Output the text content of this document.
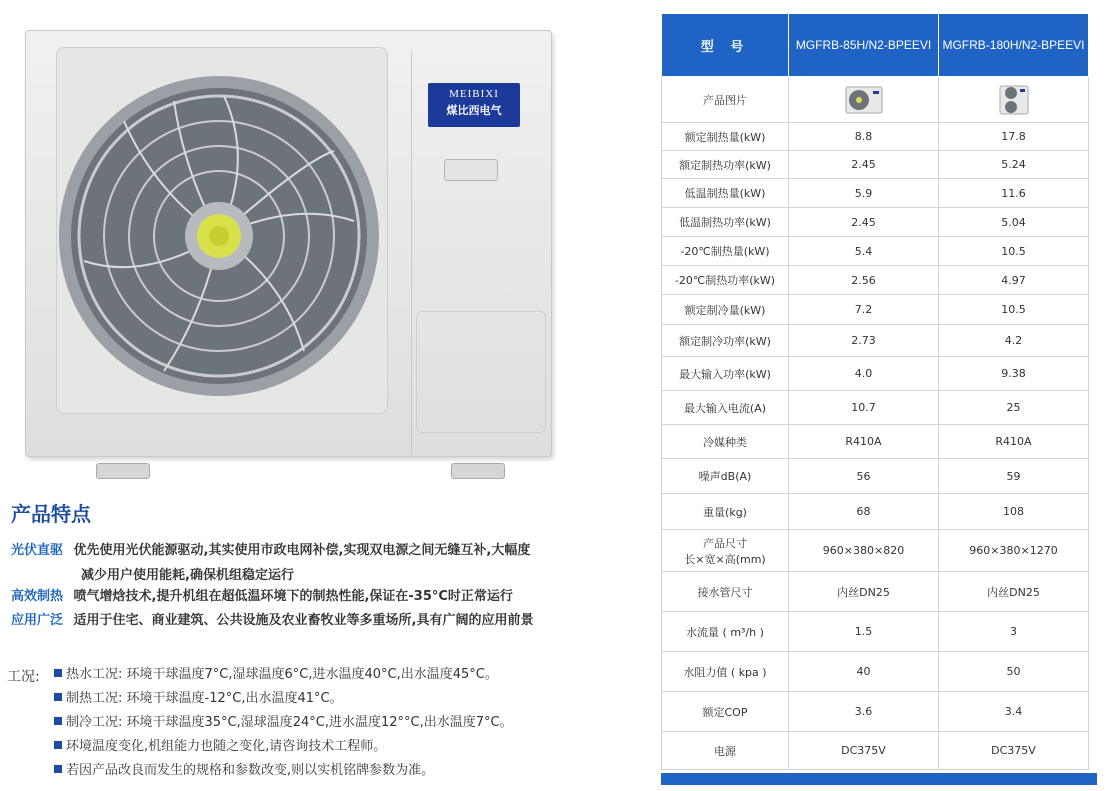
MEIBIXI
煤比西电气
产品特点
光伏直驱 优先使用光伏能源驱动,其实使用市政电网补偿,实现双电源之间无缝互补,大幅度
减少用户使用能耗,确保机组稳定运行
高效制热 喷气增焓技术,提升机组在超低温环境下的制热性能,保证在-35°C时正常运行
应用广泛 适用于住宅、商业建筑、公共设施及农业畜牧业等多重场所,具有广阔的应用前景
工况:	热水工况: 环境干球温度7°C,湿球温度6°C,进水温度40°C,出水温度45°C。
制热工况: 环境干球温度-12°C,出水温度41°C。
制冷工况: 环境干球温度35°C,湿球温度24°C,进水温度12°°C,出水温度7°C。
环境温度变化,机组能力也随之变化,请咨询技术工程师。
若因产品改良而发生的规格和参数改变,则以实机铭牌参数为准。
型 号	MGFRB-85H/N2-BPEEVI	MGFRB-180H/N2-BPEEVI
产品图片		
额定制热量(kW)	8.8	17.8
额定制热功率(kW)	2.45	5.24
低温制热量(kW)	5.9	11.6
低温制热功率(kW)	2.45	5.04
-20℃制热量(kW)	5.4	10.5
-20℃制热功率(kW)	2.56	4.97
额定制冷量(kW)	7.2	10.5
额定制冷功率(kW)	2.73	4.2
最大输入功率(kW)	4.0	9.38
最大输入电流(A)	10.7	25
冷媒种类	R410A	R410A
噪声dB(A)	56	59
重量(kg)	68	108
产品尺寸
长×宽×高(mm)	960×380×820	960×380×1270
接水管尺寸	内丝DN25	内丝DN25
水流量 ( m³/h )	1.5	3
水阻力值 ( kpa )	40	50
额定COP	3.6	3.4
电源	DC375V	DC375V
